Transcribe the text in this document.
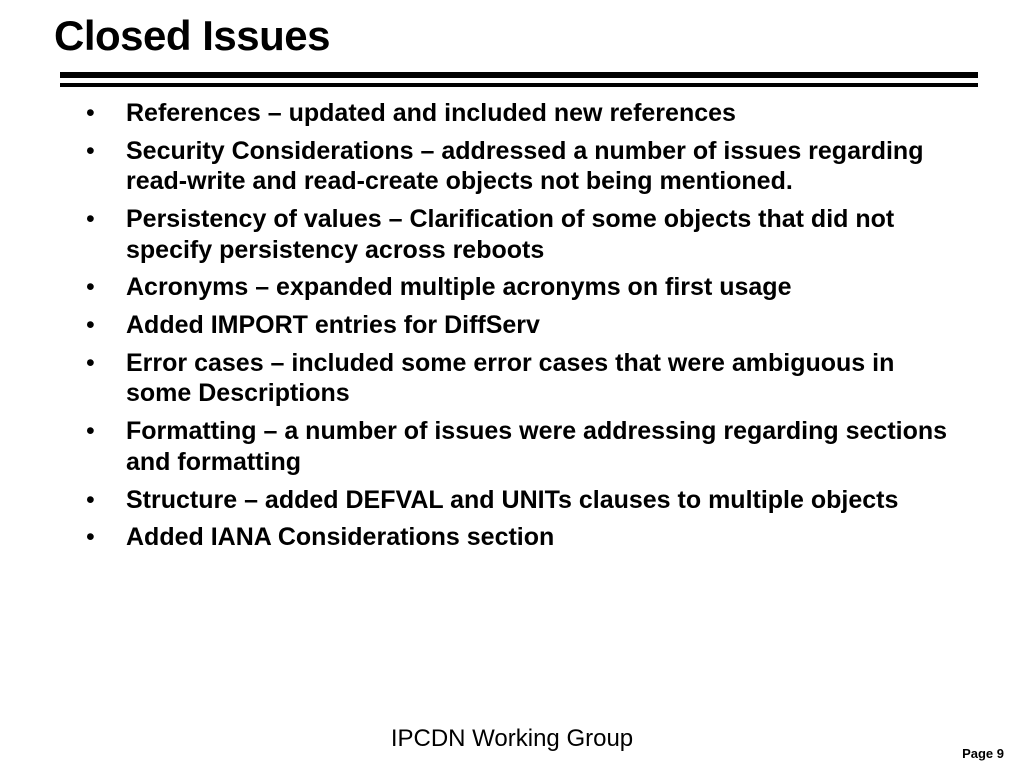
Closed Issues
• References – updated and included new references
• Security Considerations – addressed a number of issues regarding read-write and read-create objects not being mentioned.
• Persistency of values – Clarification of some objects that did not specify persistency across reboots
• Acronyms – expanded multiple acronyms on first usage
• Added IMPORT entries for DiffServ
• Error cases – included some error cases that were ambiguous in some Descriptions
• Formatting – a number of issues were addressing regarding sections and formatting
• Structure – added DEFVAL and UNITs clauses to multiple objects
• Added IANA Considerations section
IPCDN Working Group
Page 9
